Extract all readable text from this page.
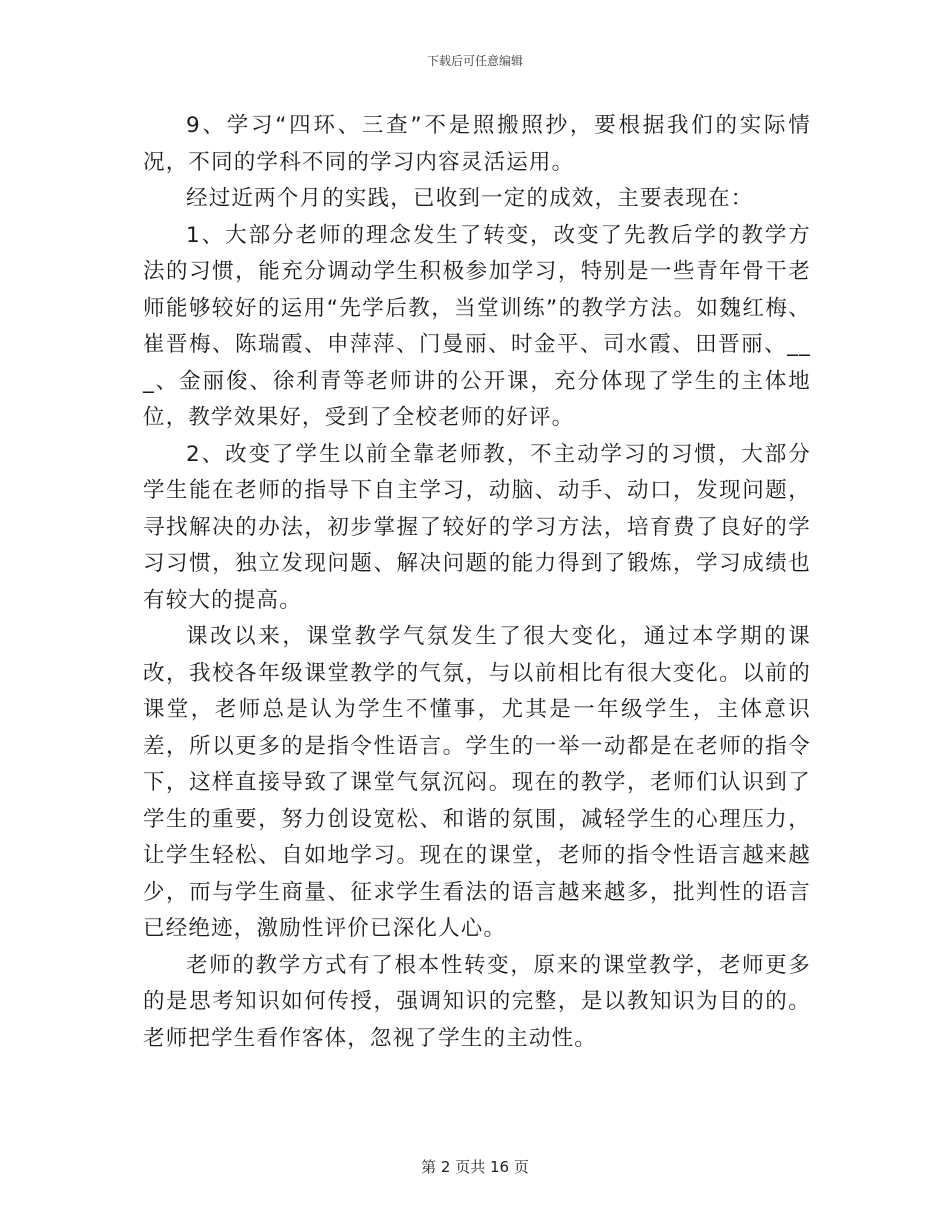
下载后可任意编辑

9、学习“四环、三查”不是照搬照抄，要根据我们的实际情况，不同的学科不同的学习内容灵活运用。

经过近两个月的实践，已收到一定的成效，主要表现在：

1、大部分老师的理念发生了转变，改变了先教后学的教学方法的习惯，能充分调动学生积极参加学习，特别是一些青年骨干老师能够较好的运用“先学后教，当堂训练”的教学方法。如魏红梅、崔晋梅、陈瑞霞、申萍萍、门曼丽、时金平、司水霞、田晋丽、___、金丽俊、徐利青等老师讲的公开课，充分体现了学生的主体地位，教学效果好，受到了全校老师的好评。

2、改变了学生以前全靠老师教，不主动学习的习惯，大部分学生能在老师的指导下自主学习，动脑、动手、动口，发现问题，寻找解决的办法，初步掌握了较好的学习方法，培育费了良好的学习习惯，独立发现问题、解决问题的能力得到了锻炼，学习成绩也有较大的提高。

课改以来，课堂教学气氛发生了很大变化，通过本学期的课改，我校各年级课堂教学的气氛，与以前相比有很大变化。以前的课堂，老师总是认为学生不懂事，尤其是一年级学生，主体意识差，所以更多的是指令性语言。学生的一举一动都是在老师的指令下，这样直接导致了课堂气氛沉闷。现在的教学，老师们认识到了学生的重要，努力创设宽松、和谐的氛围，减轻学生的心理压力，让学生轻松、自如地学习。现在的课堂，老师的指令性语言越来越少，而与学生商量、征求学生看法的语言越来越多，批判性的语言已经绝迹，激励性评价已深化人心。

老师的教学方式有了根本性转变，原来的课堂教学，老师更多的是思考知识如何传授，强调知识的完整，是以教知识为目的的。老师把学生看作客体，忽视了学生的主动性。

第 2 页共 16 页
